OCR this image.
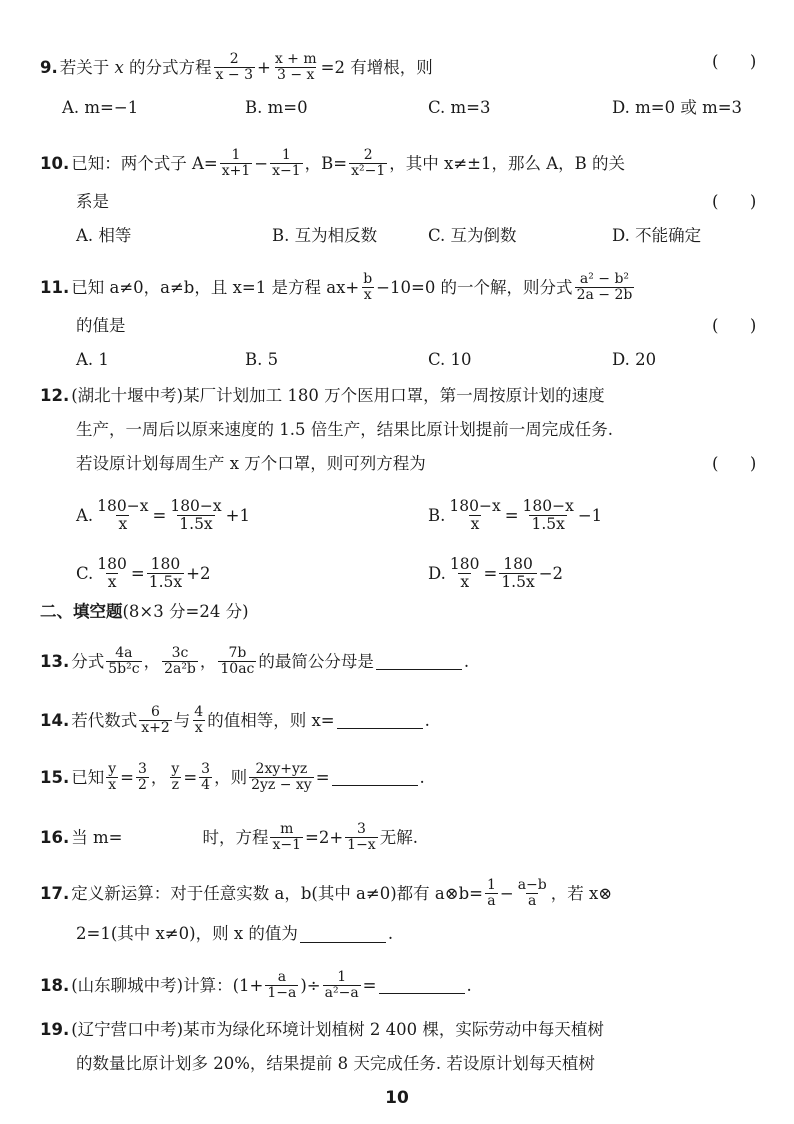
9. 若关于 x 的分式方程 2
$x - 3 + \frac{x + m}{3 - x} =2$ 有增根，则	(      )
A. m=−1	B. m=0	C. m=3	D. m=0 或 m=3
10. 已知：两个式子 $A= \frac{1}{x+1} - \frac{1}{x-1}$ ，$B= \frac{2}{\text{x²−1}}$ ，其中 x≠±1，那么 A，B 的关
系是	(      )
A. 相等	B. 互为相反数	C. 互为倒数	D. 不能确定
11. 已知 a≠0，a≠b，且 x=1 是方程 $ax+ \frac{b}{x} -10=0$ 的一个解，则分式 a² − b²
2a − 2b
的值是	(      )
A. 1	B. 5	C. 10	D. 20
12. (湖北十堰中考)某厂计划加工 180 万个医用口罩，第一周按原计划的速度
生产，一周后以原来速度的 1.5 倍生产，结果比原计划提前一周完成任务.
若设原计划每周生产 x 万个口罩，则可列方程为	(      )
A. $\frac{180-x}{x} = \frac{180-x}{1.5x} +1$	B. $\frac{180-x}{x} = \frac{180-x}{1.5x} -1$
C. $\frac{180}{x} = \frac{180}{1.5x} +2$	D. $\frac{180}{x} = \frac{180}{1.5x} -2$
二、填空题 (8×3 分=24 分)
13. 分式 4a
5b²c ， 3c
2a²b ， 7b
10ac 的最简公分母是	.
14. 若代数式 6
x+2 与 4
x 的值相等，则 x=	.
15. 已知 $\frac{y}{x} = \frac{3}{2}$ ， $\frac{y}{z} = \frac{3}{4}$ ，则 $\frac{2xy+yz}{2yz - xy}$ =	.
16. 当 m=	时，方程 $\frac{m}{x-1} =2+ \frac{3}{1-x}$ 无解.
17. 定义新运算：对于任意实数 a，b(其中 a≠0)都有 a⊗b= $\frac{1}{a} - \frac{a-b}{a}$ ，若 x⊗
2=1(其中 x≠0)，则 x 的值为	.
18. (山东聊城中考)计算：($1+ \frac{a}{1-a}$ )÷ $\frac{1}{\text{a²−a}}$ =	.
19. (辽宁营口中考)某市为绿化环境计划植树 2 400 棵，实际劳动中每天植树
的数量比原计划多 20%，结果提前 8 天完成任务. 若设原计划每天植树
10
